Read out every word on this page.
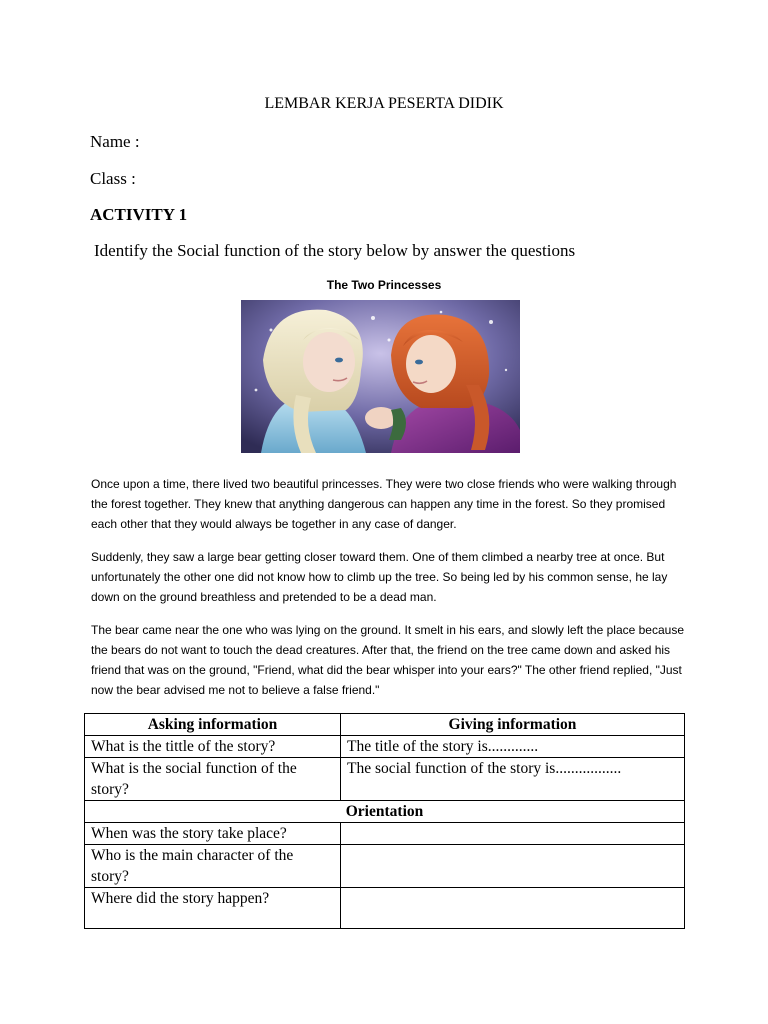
LEMBAR KERJA PESERTA DIDIK
Name :
Class :
ACTIVITY 1
Identify the Social function of the story below by answer the questions
The Two Princesses
Once upon a time, there lived two beautiful princesses. They were two close friends who were walking through the forest together. They knew that anything dangerous can happen any time in the forest. So they promised each other that they would always be together in any case of danger.
Suddenly, they saw a large bear getting closer toward them. One of them climbed a nearby tree at once. But unfortunately the other one did not know how to climb up the tree. So being led by his common sense, he lay down on the ground breathless and pretended to be a dead man.
The bear came near the one who was lying on the ground. It smelt in his ears, and slowly left the place because the bears do not want to touch the dead creatures. After that, the friend on the tree came down and asked his friend that was on the ground, "Friend, what did the bear whisper into your ears?" The other friend replied, "Just now the bear advised me not to believe a false friend."
Asking information	Giving information
What is the tittle of the story?	The title of the story is.............
What is the social function of the story?	The social function of the story is.................
Orientation	
When was the story take place?	
Who is the main character of the story?	
Where did the story happen?	
